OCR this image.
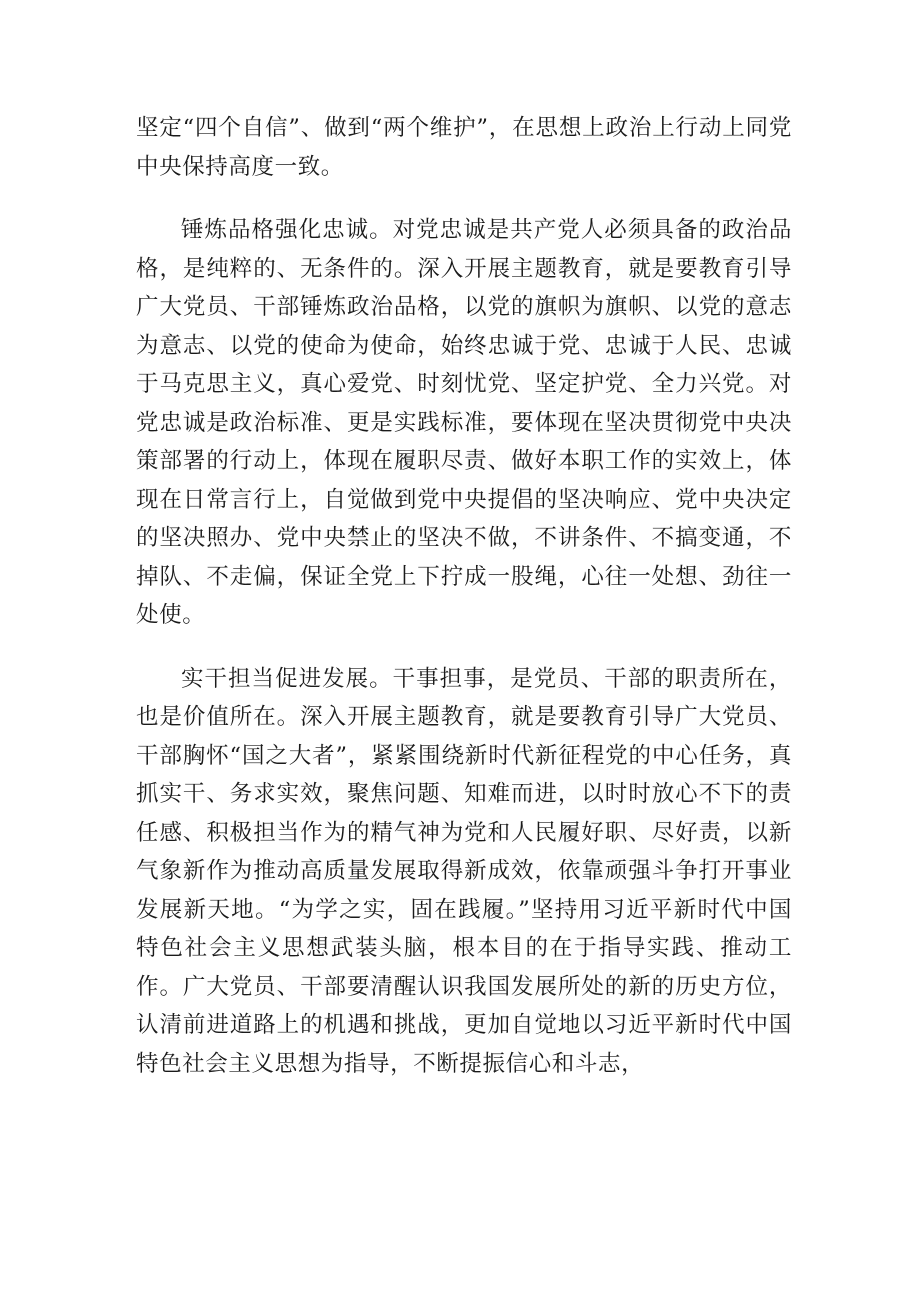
坚定“四个自信”、做到“两个维护”，在思想上政治上行动上同党中央保持高度一致。

锤炼品格强化忠诚。对党忠诚是共产党人必须具备的政治品格，是纯粹的、无条件的。深入开展主题教育，就是要教育引导广大党员、干部锤炼政治品格，以党的旗帜为旗帜、以党的意志为意志、以党的使命为使命，始终忠诚于党、忠诚于人民、忠诚于马克思主义，真心爱党、时刻忧党、坚定护党、全力兴党。对党忠诚是政治标准、更是实践标准，要体现在坚决贯彻党中央决策部署的行动上，体现在履职尽责、做好本职工作的实效上，体现在日常言行上，自觉做到党中央提倡的坚决响应、党中央决定的坚决照办、党中央禁止的坚决不做，不讲条件、不搞变通，不掉队、不走偏，保证全党上下拧成一股绳，心往一处想、劲往一处使。

实干担当促进发展。干事担事，是党员、干部的职责所在，也是价值所在。深入开展主题教育，就是要教育引导广大党员、干部胸怀“国之大者”，紧紧围绕新时代新征程党的中心任务，真抓实干、务求实效，聚焦问题、知难而进，以时时放心不下的责任感、积极担当作为的精气神为党和人民履好职、尽好责，以新气象新作为推动高质量发展取得新成效，依靠顽强斗争打开事业发展新天地。“为学之实，固在践履。”坚持用习近平新时代中国特色社会主义思想武装头脑，根本目的在于指导实践、推动工作。广大党员、干部要清醒认识我国发展所处的新的历史方位，认清前进道路上的机遇和挑战，更加自觉地以习近平新时代中国特色社会主义思想为指导，不断提振信心和斗志，
